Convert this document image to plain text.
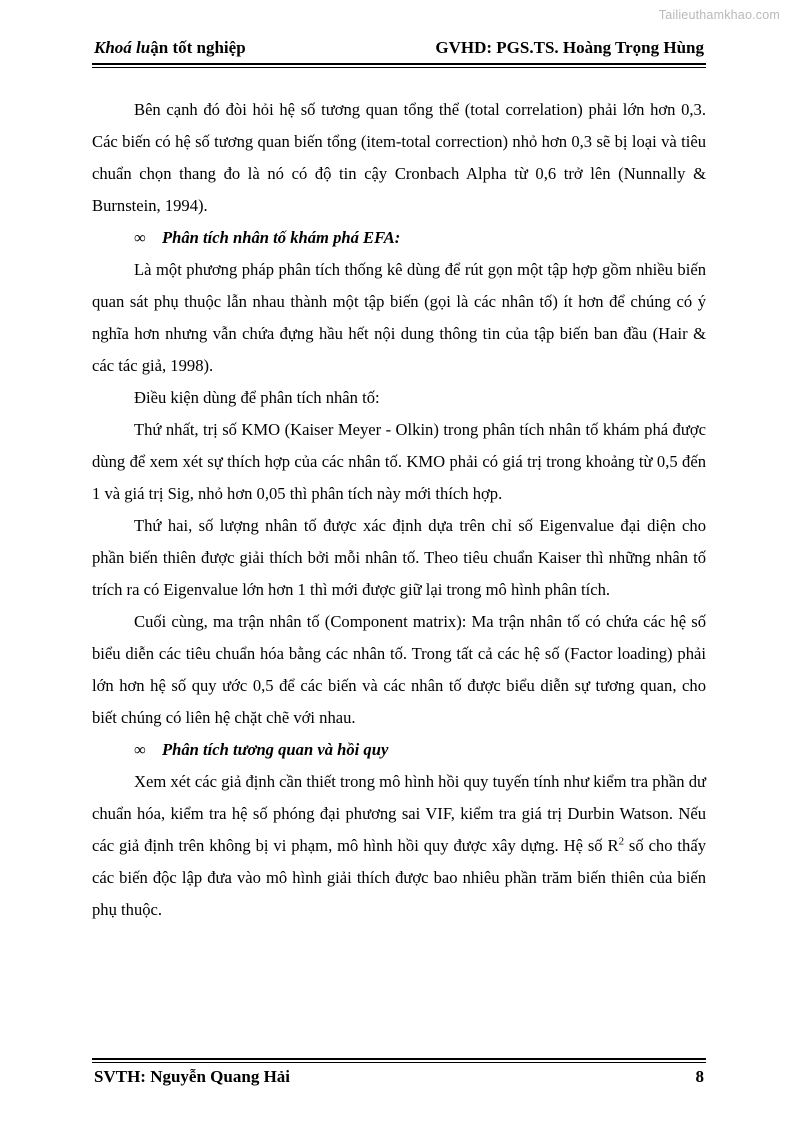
Tailieuthamkhao.com
Khoá luận tốt nghiệp	GVHD: PGS.TS. Hoàng Trọng Hùng

Bên cạnh đó đòi hỏi hệ số tương quan tổng thể (total correlation) phải lớn hơn 0,3. Các biến có hệ số tương quan biến tổng (item-total correction) nhỏ hơn 0,3 sẽ bị loại và tiêu chuẩn chọn thang đo là nó có độ tin cậy Cronbach Alpha từ 0,6 trở lên (Nunnally & Burnstein, 1994).

∞ Phân tích nhân tố khám phá EFA:

Là một phương pháp phân tích thống kê dùng để rút gọn một tập hợp gồm nhiều biến quan sát phụ thuộc lẫn nhau thành một tập biến (gọi là các nhân tố) ít hơn để chúng có ý nghĩa hơn nhưng vẫn chứa đựng hầu hết nội dung thông tin của tập biến ban đầu (Hair & các tác giả, 1998).

Điều kiện dùng để phân tích nhân tố:

Thứ nhất, trị số KMO (Kaiser Meyer - Olkin) trong phân tích nhân tố khám phá được dùng để xem xét sự thích hợp của các nhân tố. KMO phải có giá trị trong khoảng từ 0,5 đến 1 và giá trị Sig, nhỏ hơn 0,05 thì phân tích này mới thích hợp.

Thứ hai, số lượng nhân tố được xác định dựa trên chỉ số Eigenvalue đại diện cho phần biến thiên được giải thích bởi mỗi nhân tố. Theo tiêu chuẩn Kaiser thì những nhân tố trích ra có Eigenvalue lớn hơn 1 thì mới được giữ lại trong mô hình phân tích.

Cuối cùng, ma trận nhân tố (Component matrix): Ma trận nhân tố có chứa các hệ số biểu diễn các tiêu chuẩn hóa bằng các nhân tố. Trong tất cả các hệ số (Factor loading) phải lớn hơn hệ số quy ước 0,5 để các biến và các nhân tố được biểu diễn sự tương quan, cho biết chúng có liên hệ chặt chẽ với nhau.

∞ Phân tích tương quan và hồi quy

Xem xét các giả định cần thiết trong mô hình hồi quy tuyến tính như kiểm tra phần dư chuẩn hóa, kiểm tra hệ số phóng đại phương sai VIF, kiểm tra giá trị Durbin Watson. Nếu các giả định trên không bị vi phạm, mô hình hồi quy được xây dựng. Hệ số $R^2$ số cho thấy các biến độc lập đưa vào mô hình giải thích được bao nhiêu phần trăm biến thiên của biến phụ thuộc.

SVTH: Nguyễn Quang Hải	8
